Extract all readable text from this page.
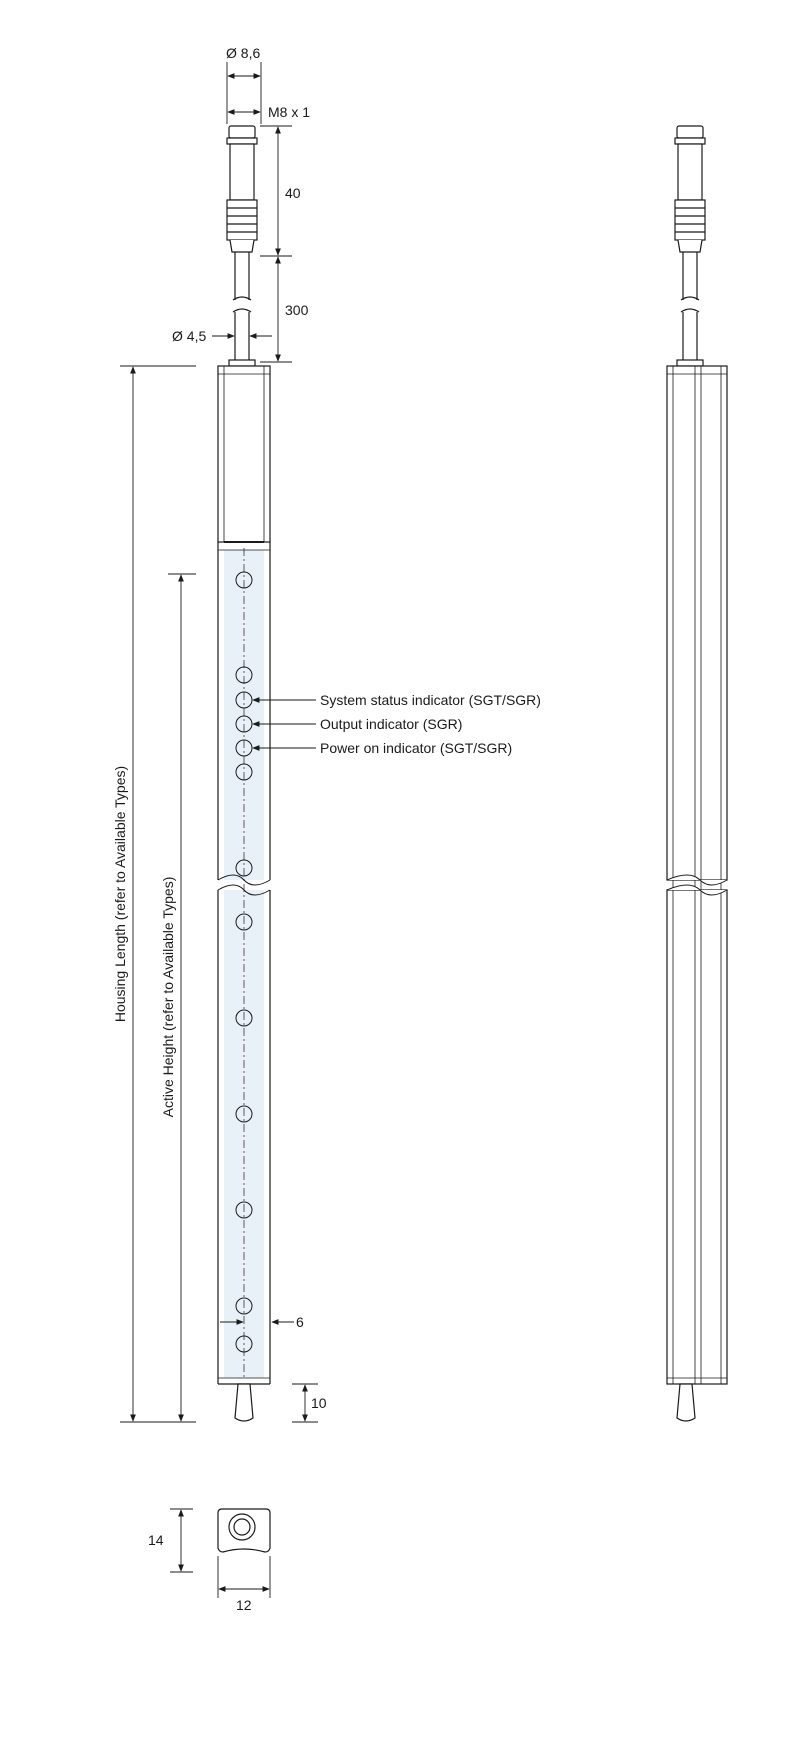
Ø 8,6
M8 x 1
40
300
Ø 4,5
Housing Length (refer to Available Types) Active Height (refer to Available Types)
System status indicator (SGT/SGR)
Output indicator (SGR)
Power on indicator (SGT/SGR)
6
10
14
12
